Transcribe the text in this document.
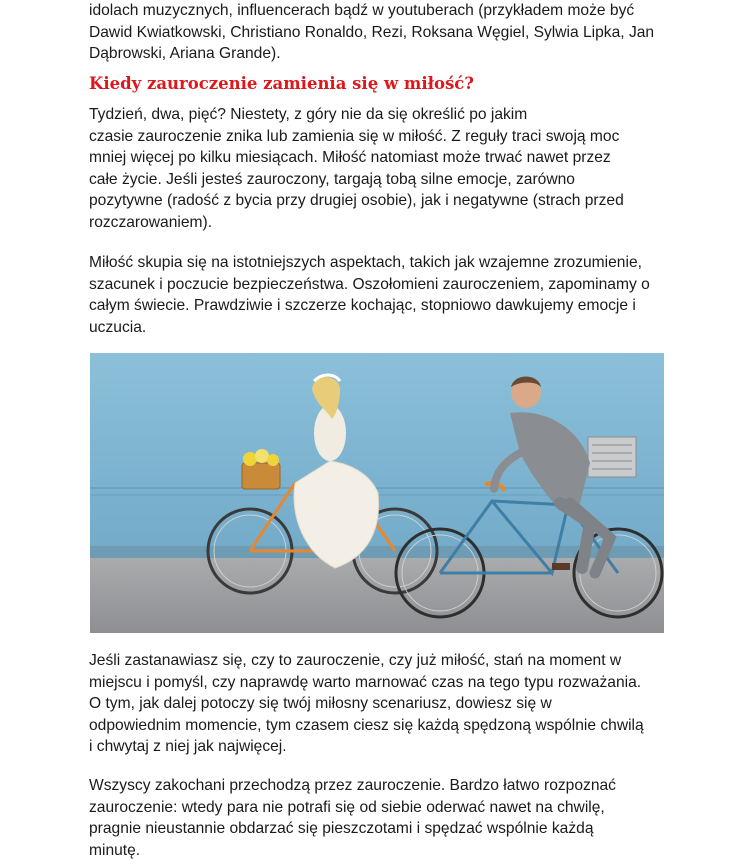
idolach muzycznych, influencerach bądź w youtuberach (przykładem może być
Dawid Kwiatkowski, Christiano Ronaldo, Rezi, Roksana Węgiel, Sylwia Lipka, Jan
Dąbrowski, Ariana Grande).

Kiedy zauroczenie zamienia się w miłość?

Tydzień, dwa, pięć? Niestety, z góry nie da się określić po jakim
czasie zauroczenie znika lub zamienia się w miłość. Z reguły traci swoją moc
mniej więcej po kilku miesiącach. Miłość natomiast może trwać nawet przez
całe życie. Jeśli jesteś zauroczony, targają tobą silne emocje, zarówno
pozytywne (radość z bycia przy drugiej osobie), jak i negatywne (strach przed
rozczarowaniem).

Miłość skupia się na istotniejszych aspektach, takich jak wzajemne zrozumienie,
szacunek i poczucie bezpieczeństwa. Oszołomieni zauroczeniem, zapominamy o
całym świecie. Prawdziwie i szczerze kochając, stopniowo dawkujemy emocje i
uczucia.

Jeśli zastanawiasz się, czy to zauroczenie, czy już miłość, stań na moment w
miejscu i pomyśl, czy naprawdę warto marnować czas na tego typu rozważania.
O tym, jak dalej potoczy się twój miłosny scenariusz, dowiesz się w
odpowiednim momencie, tym czasem ciesz się każdą spędzoną wspólnie chwilą
i chwytaj z niej jak najwięcej.

Wszyscy zakochani przechodzą przez zauroczenie. Bardzo łatwo rozpoznać
zauroczenie: wtedy para nie potrafi się od siebie oderwać nawet na chwilę,
pragnie nieustannie obdarzać się pieszczotami i spędzać wspólnie każdą
minutę.
